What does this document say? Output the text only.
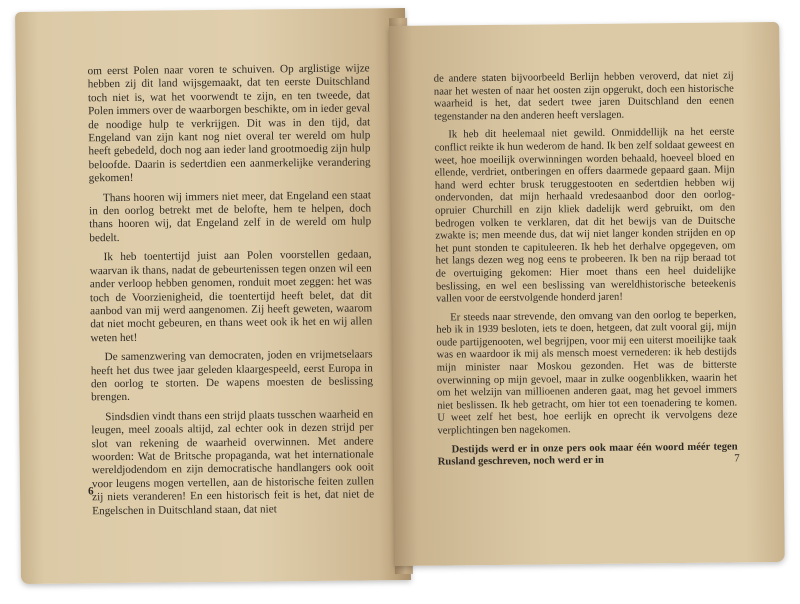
om eerst Polen naar voren te schuiven. Op arglistige wijze hebben zij dit land wijsgemaakt, dat ten eerste Duitschland toch niet is, wat het voorwendt te zijn, en ten tweede, dat Polen immers over de waarborgen beschikte, om in ieder geval de noodige hulp te verkrijgen. Dit was in den tijd, dat Engeland van zijn kant nog niet overal ter wereld om hulp heeft gebedeld, doch nog aan ieder land grootmoedig zijn hulp beloofde. Daarin is sedertdien een aanmerkelijke verandering gekomen!

Thans hooren wij immers niet meer, dat Engeland een staat in den oorlog betrekt met de belofte, hem te helpen, doch thans hooren wij, dat Engeland zelf in de wereld om hulp bedelt.

Ik heb toentertijd juist aan Polen voorstellen gedaan, waarvan ik thans, nadat de gebeurtenissen tegen onzen wil een ander verloop hebben genomen, ronduit moet zeggen: het was toch de Voorzienigheid, die toentertijd heeft belet, dat dit aanbod van mij werd aangenomen. Zij heeft geweten, waarom dat niet mocht gebeuren, en thans weet ook ik het en wij allen weten het!

De samenzwering van democraten, joden en vrijmetselaars heeft het dus twee jaar geleden klaargespeeld, eerst Europa in den oorlog te storten. De wapens moesten de beslissing brengen.

Sindsdien vindt thans een strijd plaats tusschen waarheid en leugen, meel zooals altijd, zal echter ook in dezen strijd per slot van rekening de waarheid overwinnen. Met andere woorden: Wat de Britsche propaganda, wat het internationale wereldjodendom en zijn democratische handlangers ook ooit voor leugens mogen vertellen, aan de historische feiten zullen zij niets veranderen! En een historisch feit is het, dat niet de Engelschen in Duitschland staan, dat niet

6

de andere staten bijvoorbeeld Berlijn hebben veroverd, dat niet zij naar het westen of naar het oosten zijn opgerukt, doch een historische waarheid is het, dat sedert twee jaren Duitschland den eenen tegenstander na den anderen heeft verslagen.

Ik heb dit heelemaal niet gewild. Onmiddellijk na het eerste conflict reikte ik hun wederom de hand. Ik ben zelf soldaat geweest en weet, hoe moeilijk overwinningen worden behaald, hoeveel bloed en ellende, verdriet, ontberingen en offers daarmede gepaard gaan. Mijn hand werd echter brusk teruggestooten en sedertdien hebben wij ondervonden, dat mijn herhaald vredesaanbod door den oorlog-opruier Churchill en zijn kliek dadelijk werd gebruikt, om den bedrogen volken te verklaren, dat dit het bewijs van de Duitsche zwakte is; men meende dus, dat wij niet langer konden strijden en op het punt stonden te capituleeren. Ik heb het derhalve opgegeven, om het langs dezen weg nog eens te probeeren. Ik ben na rijp beraad tot de overtuiging gekomen: Hier moet thans een heel duidelijke beslissing, en wel een beslissing van wereldhistorische beteekenis vallen voor de eerstvolgende honderd jaren!

Er steeds naar strevende, den omvang van den oorlog te beperken, heb ik in 1939 besloten, iets te doen, hetgeen, dat zult vooral gij, mijn oude partijgenooten, wel begrijpen, voor mij een uiterst moeilijke taak was en waardoor ik mij als mensch moest vernederen: ik heb destijds mijn minister naar Moskou gezonden. Het was de bitterste overwinning op mijn gevoel, maar in zulke oogenblikken, waarin het om het welzijn van millioenen anderen gaat, mag het gevoel immers niet beslissen. Ik heb getracht, om hier tot een toenadering te komen. U weet zelf het best, hoe eerlijk en oprecht ik vervolgens deze verplichtingen ben nagekomen.

Destijds werd er in onze pers ook maar één woord méér tegen Rusland geschreven, noch werd er in	7
